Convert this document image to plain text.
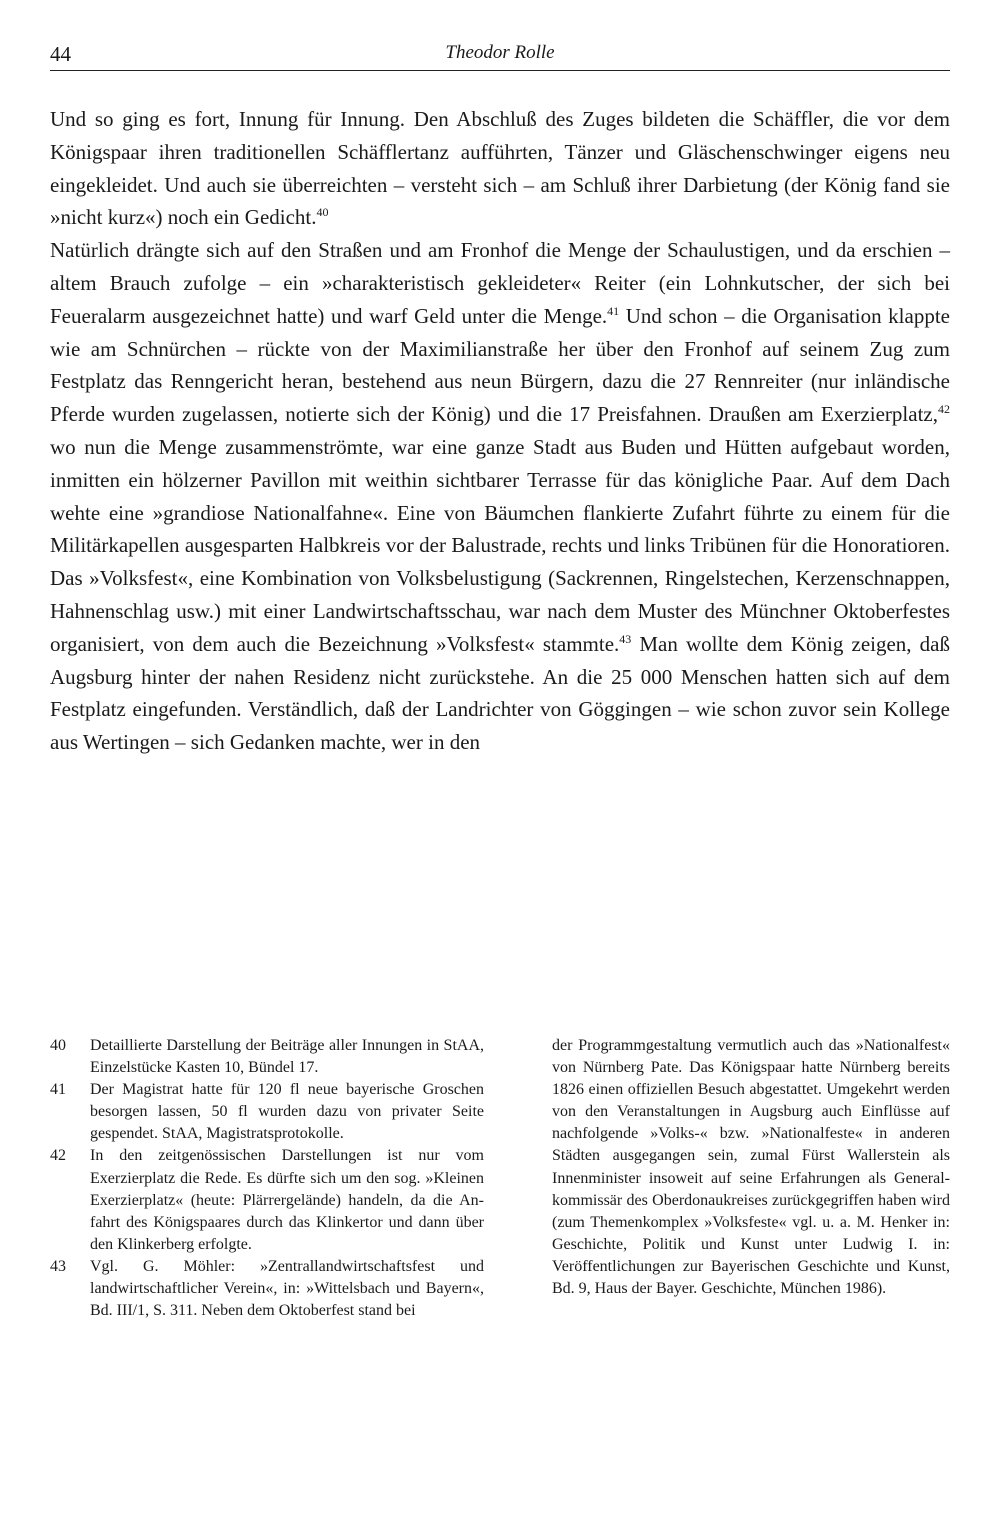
44	Theodor Rolle

Und so ging es fort, Innung für Innung. Den Abschluß des Zuges bildeten die Schäffler, die vor dem Königspaar ihren traditionellen Schäfflertanz aufführten, Tänzer und Gläschenschwinger eigens neu eingekleidet. Und auch sie überreichten – versteht sich – am Schluß ihrer Darbietung (der König fand sie »nicht kurz«) noch ein Gedicht.$^{40}$

Natürlich drängte sich auf den Straßen und am Fronhof die Menge der Schaulustigen, und da erschien – altem Brauch zufolge – ein »charakteristisch gekleideter« Reiter (ein Lohnkutscher, der sich bei Feueralarm ausgezeichnet hatte) und warf Geld unter die Menge.$^{41}$ Und schon – die Organisation klappte wie am Schnürchen – rückte von der Maximilianstraße her über den Fronhof auf seinem Zug zum Festplatz das Renngericht heran, bestehend aus neun Bürgern, dazu die 27 Rennreiter (nur inländische Pferde wurden zugelassen, notierte sich der König) und die 17 Preisfahnen. Draußen am Exerzierplatz,$^{42}$ wo nun die Menge zusammenströmte, war eine ganze Stadt aus Buden und Hütten aufgebaut worden, inmitten ein hölzerner Pavillon mit weithin sichtbarer Terrasse für das königliche Paar. Auf dem Dach wehte eine »grandiose Nationalfahne«. Eine von Bäumchen flankierte Zufahrt führte zu einem für die Militärkapellen ausgesparten Halbkreis vor der Balustrade, rechts und links Tribünen für die Honoratioren. Das »Volksfest«, eine Kombination von Volksbelustigung (Sackrennen, Ringelstechen, Kerzenschnappen, Hahnenschlag usw.) mit einer Landwirtschaftsschau, war nach dem Muster des Münchner Oktoberfestes organisiert, von dem auch die Bezeichnung »Volksfest« stammte.$^{43}$ Man wollte dem König zeigen, daß Augsburg hinter der nahen Residenz nicht zurückstehe. An die 25 000 Menschen hatten sich auf dem Festplatz eingefunden. Verständlich, daß der Landrichter von Göggingen – wie schon zuvor sein Kollege aus Wertingen – sich Gedanken machte, wer in den

40 Detaillierte Darstellung der Beiträge aller Innungen in StAA, Einzelstücke Kasten 10, Bündel 17.

41 Der Magistrat hatte für 120 fl neue bayerische Groschen besorgen lassen, 50 fl wurden dazu von privater Seite gespendet. StAA, Magistratsprotokolle.

42 In den zeitgenössischen Darstellungen ist nur vom Exerzierplatz die Rede. Es dürfte sich um den sog. »Kleinen Exerzierplatz« (heute: Plärrergelände) handeln, da die Anfahrt des Königspaares durch das Klinkertor und dann über den Klinkerberg erfolgte.

43 Vgl. G. Möhler: »Zentrallandwirtschaftsfest und landwirtschaftlicher Verein«, in: »Wittelsbach und Bayern«, Bd. III/1, S. 311. Neben dem Oktoberfest stand bei

der Programmgestaltung vermutlich auch das »Nationalfest« von Nürnberg Pate. Das Königspaar hatte Nürnberg bereits 1826 einen offiziellen Besuch abgestattet. Umgekehrt werden von den Veranstaltungen in Augsburg auch Einflüsse auf nachfolgende »Volks-« bzw. »Nationalfeste« in anderen Städten ausgegangen sein, zumal Fürst Wallerstein als Innenminister insoweit auf seine Erfahrungen als Generalkommissär des Oberdonaukreises zurückgegriffen haben wird (zum Themenkomplex »Volksfeste« vgl. u. a. M. Henker in: Geschichte, Politik und Kunst unter Ludwig I. in: Veröffentlichungen zur Bayerischen Geschichte und Kunst, Bd. 9, Haus der Bayer. Geschichte, München 1986).
